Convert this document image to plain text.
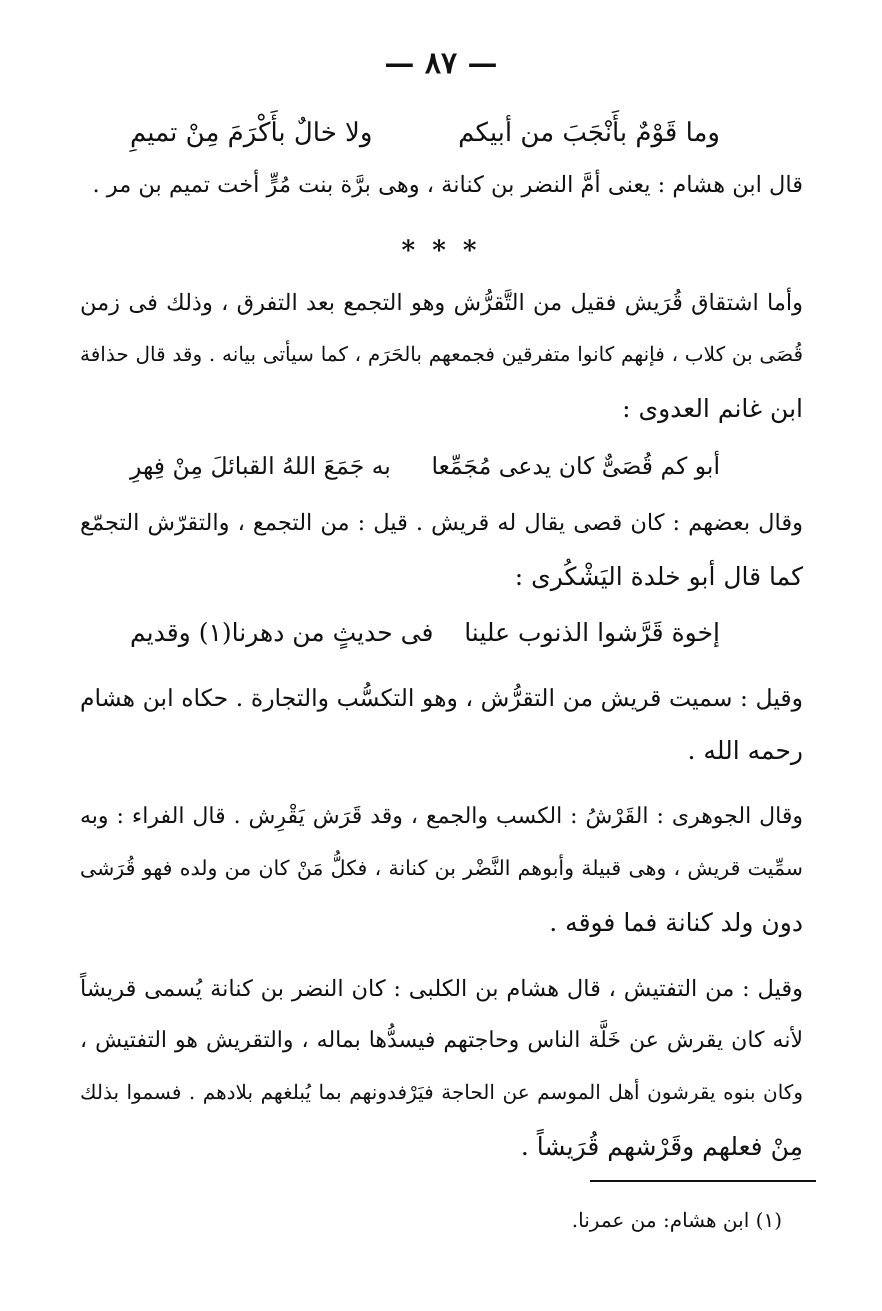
— ٨٧ —
وما قَوْمٌ بأَنْجَبَ من أبيكم
ولا خالٌ بأَكْرَمَ مِنْ تميمِ
قال ابن هشام : يعنى أمَّ النضر بن كنانة ، وهى برَّة بنت مُرٍّ أخت تميم بن مر .
* * *
وأما اشتقاق قُرَيش فقيل من التَّقرُّش وهو التجمع بعد التفرق ، وذلك فى زمن
قُصَى بن كلاب ، فإنهم كانوا متفرقين فجمعهم بالحَرَم ، كما سيأتى بيانه . وقد قال حذافة
ابن غانم العدوى :
أبو كم قُصَىٌّ كان يدعى مُجَمِّعا
به جَمَعَ اللهُ القبائلَ مِنْ فِهرِ
وقال بعضهم : كان قصى يقال له قريش . قيل : من التجمع ، والتقرّش التجمّع
كما قال أبو خلدة اليَشْكُرى :
إخوة قَرَّشوا الذنوب علينا
فى حديثٍ من دهرنا(١) وقديم
وقيل : سميت قريش من التقرُّش ، وهو التكسُّب والتجارة . حكاه ابن هشام
رحمه الله .
وقال الجوهرى : القَرْشُ : الكسب والجمع ، وقد قَرَش يَقْرِش . قال الفراء : وبه
سمِّيت قريش ، وهى قبيلة وأبوهم النَّضْر بن كنانة ، فكلُّ مَنْ كان من ولده فهو قُرَشى
دون ولد كنانة فما فوقه .
وقيل : من التفتيش ، قال هشام بن الكلبى : كان النضر بن كنانة يُسمى قريشاً
لأنه كان يقرش عن خَلَّة الناس وحاجتهم فيسدُّها بماله ، والتقريش هو التفتيش ،
وكان بنوه يقرشون أهل الموسم عن الحاجة فيَرْفدونهم بما يُبلغهم بلادهم . فسموا بذلك
مِنْ فعلهم وقَرْشهم قُرَيشاً .
(١) ابن هشام: من عمرنا.
